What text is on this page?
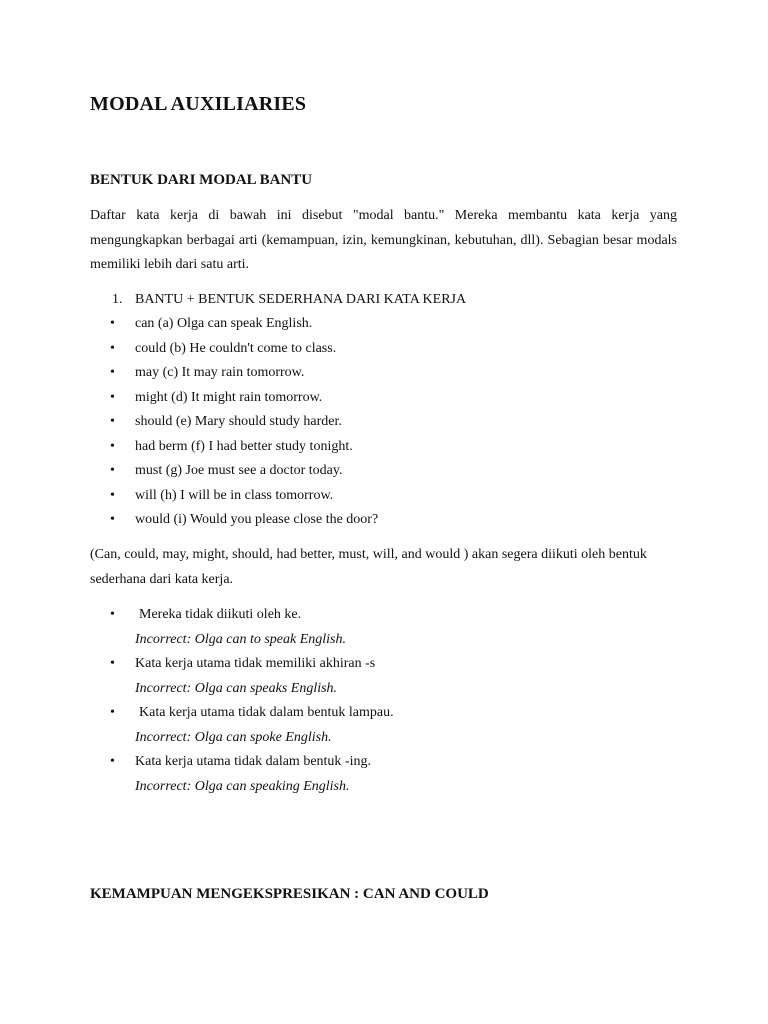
MODAL AUXILIARIES
BENTUK DARI MODAL BANTU

Daftar kata kerja di bawah ini disebut "modal bantu." Mereka membantu kata kerja yang mengungkapkan berbagai arti (kemampuan, izin, kemungkinan, kebutuhan, dll). Sebagian besar modals memiliki lebih dari satu arti.

1. BANTU + BENTUK SEDERHANA DARI KATA KERJA
• can (a) Olga can speak English.
• could (b) He couldn't come to class.
• may (c) It may rain tomorrow.
• might (d) It might rain tomorrow.
• should (e) Mary should study harder.
• had berm (f) I had better study tonight.
• must (g) Joe must see a doctor today.
• will (h) I will be in class tomorrow.
• would (i) Would you please close the door?

(Can, could, may, might, should, had better, must, will, and would ) akan segera diikuti oleh bentuk sederhana dari kata kerja.

• Mereka tidak diikuti oleh ke.
Incorrect: Olga can to speak English.
• Kata kerja utama tidak memiliki akhiran -s
Incorrect: Olga can speaks English.
• Kata kerja utama tidak dalam bentuk lampau.
Incorrect: Olga can spoke English.
• Kata kerja utama tidak dalam bentuk -ing.
Incorrect: Olga can speaking English.
KEMAMPUAN MENGEKSPRESIKAN : CAN AND COULD
